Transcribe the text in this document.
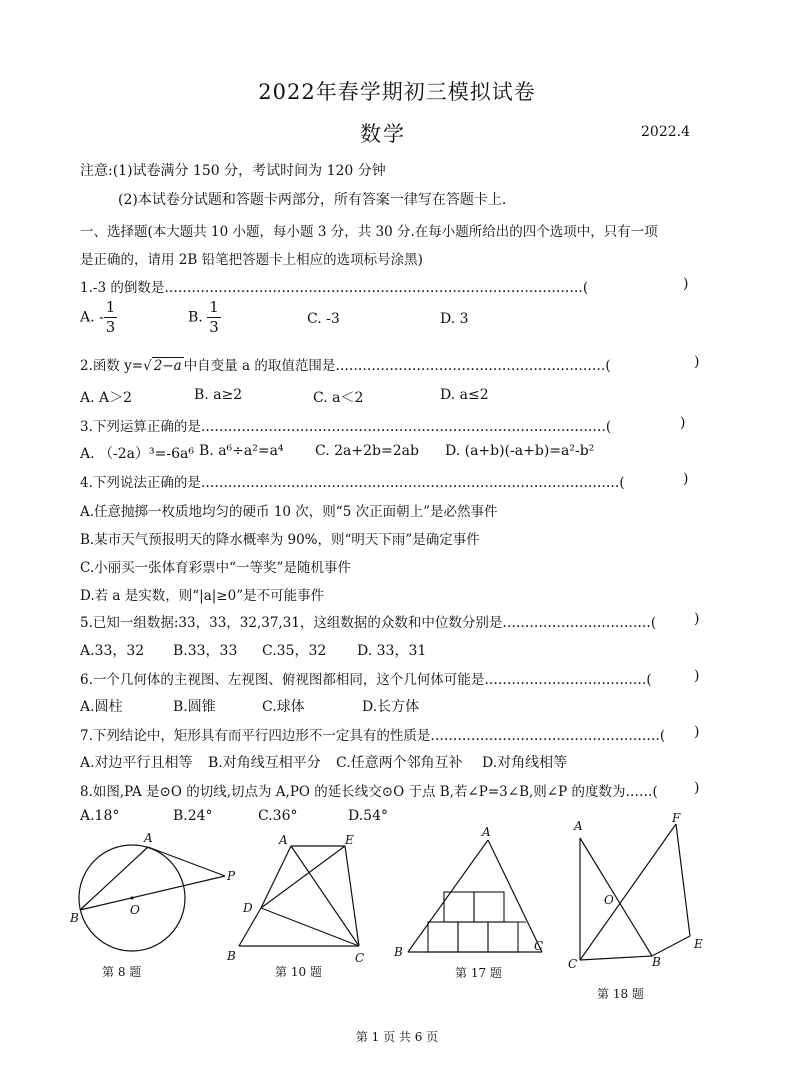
2022年春学期初三模拟试卷
数学	2022.4
注意:(1)试卷满分 150 分，考试时间为 120 分钟
(2)本试卷分试题和答题卡两部分，所有答案一律写在答题卡上.
一、选择题(本大题共 10 小题，每小题 3 分，共 30 分.在每小题所给出的四个选项中，只有一项
是正确的，请用 2B 铅笔把答题卡上相应的选项标号涂黑)
1.-3 的倒数是…………………………………………………………………………………(	)
A. - $\frac{1}{3}$	B. $\frac{1}{3}$	C. -3	D. 3
2.函数 y=√ 2−a 中自变量 a 的取值范围是……………………………………………………(	)
A. A＞2	B. a≥2	C. a＜2	D. a≤2
3.下列运算正确的是………………………………………………………………………………(	)
A. （-2a）³=-6a⁶ B. a⁶÷a²=a⁴ C. 2a+2b=2ab D. (a+b)(-a+b)=a²-b²
4.下列说法正确的是…………………………………………………………………………………(	)
A.任意抛掷一枚质地均匀的硬币 10 次，则“5 次正面朝上”是必然事件
B.某市天气预报明天的降水概率为 90%，则“明天下雨”是确定事件
C.小丽买一张体育彩票中“一等奖”是随机事件
D.若 a 是实数，则“|a|≥0”是不可能事件
5.已知一组数据:33，33，32,37,31，这组数据的众数和中位数分别是……………………………(	)
A.33，32 B.33，33 C.35，32 D. 33，31
6.一个几何体的主视图、左视图、俯视图都相同，这个几何体可能是………………………………(	)
A.圆柱	B.圆锥	C.球体	D.长方体
7.下列结论中，矩形具有而平行四边形不一定具有的性质是……………………………………………( )
A.对边平行且相等 B.对角线互相平分 C.任意两个邻角互补 D.对角线相等
8.如图,PA 是⊙O 的切线,切点为 A,PO 的延长线交⊙O 于点 B,若∠P=3∠B,则∠P 的度数为……(	)
A.18°	B.24°	C.36°	D.54°
A
B
O
P
第 8 题
A	E
D
B	C
第 10 题
A
B	C
第 17 题
A
F
O
C	B
E
第 18 题
第 1 页 共 6 页
